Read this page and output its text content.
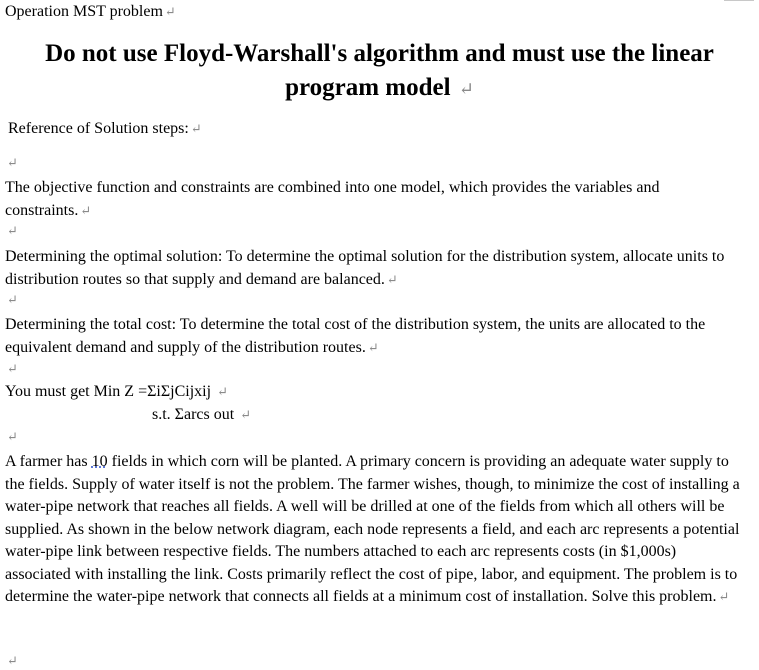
Operation MST problem ↵
Do not use Floyd-Warshall's algorithm and must use the linear
program model ↵
Reference of Solution steps: ↵
↵
The objective function and constraints are combined into one model, which provides the variables and constraints. ↵
↵
Determining the optimal solution: To determine the optimal solution for the distribution system, allocate units to distribution routes so that supply and demand are balanced. ↵
↵
Determining the total cost: To determine the total cost of the distribution system, the units are allocated to the equivalent demand and supply of the distribution routes. ↵
↵
You must get Min Z =ΣiΣjCijxij ↵
s.t. Σarcs out ↵
↵
A farmer has 10 fields in which corn will be planted. A primary concern is providing an adequate water supply to the fields. Supply of water itself is not the problem. The farmer wishes, though, to minimize the cost of installing a water-pipe network that reaches all fields. A well will be drilled at one of the fields from which all others will be supplied. As shown in the below network diagram, each node represents a field, and each arc represents a potential water-pipe link between respective fields. The numbers attached to each arc represents costs (in $1,000s) associated with installing the link. Costs primarily reflect the cost of pipe, labor, and equipment. The problem is to determine the water-pipe network that connects all fields at a minimum cost of installation. Solve this problem. ↵
↵
